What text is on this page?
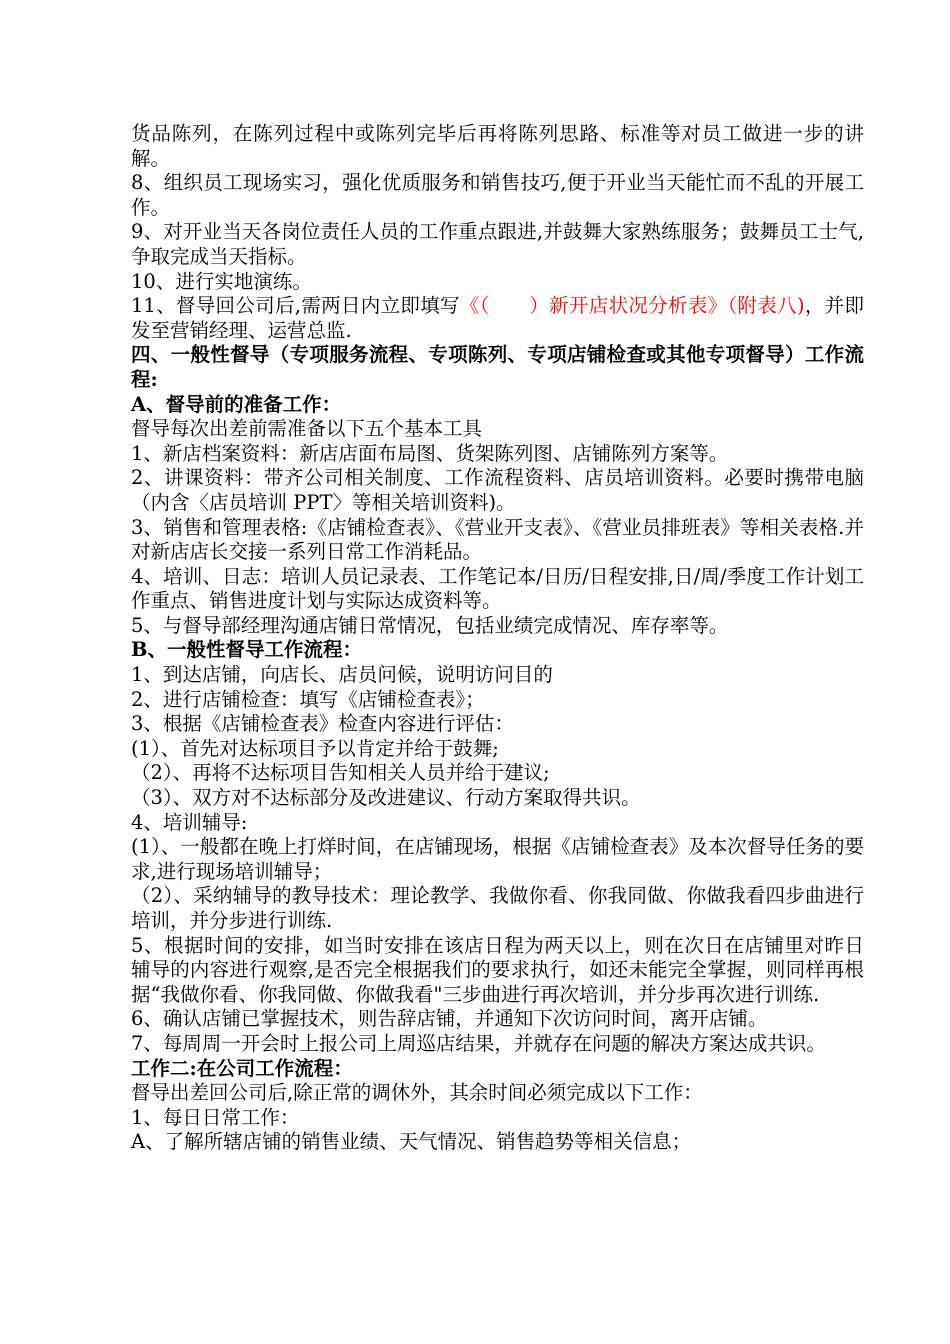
货品陈列，在陈列过程中或陈列完毕后再将陈列思路、标准等对员工做进一步的讲解。

8、组织员工现场实习，强化优质服务和销售技巧,便于开业当天能忙而不乱的开展工作。

9、对开业当天各岗位责任人员的工作重点跟进,并鼓舞大家熟练服务；鼓舞员工士气,争取完成当天指标。

10、进行实地演练。

11、督导回公司后,需两日内立即填写《（　　）新开店状况分析表》（附表八)，并即发至营销经理、运营总监.

四、一般性督导（专项服务流程、专项陈列、专项店铺检查或其他专项督导）工作流程:

A、督导前的准备工作：

督导每次出差前需准备以下五个基本工具

1、新店档案资料：新店店面布局图、货架陈列图、店铺陈列方案等。

2、讲课资料：带齐公司相关制度、工作流程资料、店员培训资料。必要时携带电脑（内含〈店员培训 PPT〉等相关培训资料)。

3、销售和管理表格:《店铺检查表》、《营业开支表》、《营业员排班表》等相关表格.并对新店店长交接一系列日常工作消耗品。

4、培训、日志：培训人员记录表、工作笔记本/日历/日程安排,日/周/季度工作计划工作重点、销售进度计划与实际达成资料等。

5、与督导部经理沟通店铺日常情况，包括业绩完成情况、库存率等。

B、一般性督导工作流程：

1、到达店铺，向店长、店员问候，说明访问目的

2、进行店铺检查：填写《店铺检查表》；

3、根据《店铺检查表》检查内容进行评估：

(1）、首先对达标项目予以肯定并给于鼓舞;

（2）、再将不达标项目告知相关人员并给于建议;

（3）、双方对不达标部分及改进建议、行动方案取得共识。

4、培训辅导:

(1）、一般都在晚上打烊时间，在店铺现场，根据《店铺检查表》及本次督导任务的要求,进行现场培训辅导；

（2）、采纳辅导的教导技术：理论教学、我做你看、你我同做、你做我看四步曲进行培训，并分步进行训练.

5、根据时间的安排，如当时安排在该店日程为两天以上，则在次日在店铺里对昨日辅导的内容进行观察,是否完全根据我们的要求执行，如还未能完全掌握，则同样再根据“我做你看、你我同做、你做我看"三步曲进行再次培训，并分步再次进行训练.

6、确认店铺已掌握技术，则告辞店铺，并通知下次访问时间，离开店铺。

7、每周周一开会时上报公司上周巡店结果，并就存在问题的解决方案达成共识。

工作二:在公司工作流程：

督导出差回公司后,除正常的调休外，其余时间必须完成以下工作：

1、每日日常工作：

A、了解所辖店铺的销售业绩、天气情况、销售趋势等相关信息；
